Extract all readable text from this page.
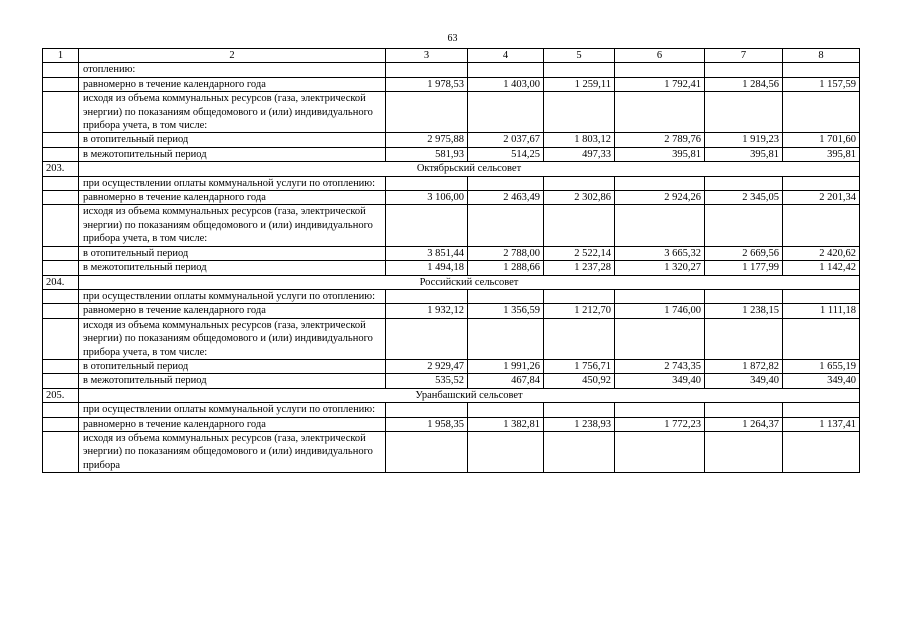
63
1	2	3	4	5	6	7	8
	отоплению:						
	равномерно в течение календарного года	1 978,53	1 403,00	1 259,11	1 792,41	1 284,56	1 157,59
	исходя из объема коммунальных ресурсов (газа, электрической энергии) по показаниям общедомового и (или) индивидуального прибора учета, в том числе:						
	в отопительный период	2 975,88	2 037,67	1 803,12	2 789,76	1 919,23	1 701,60
	в межотопительный период	581,93	514,25	497,33	395,81	395,81	395,81
203.	Октябрьский сельсовет						
	при осуществлении оплаты коммунальной услуги по отоплению:						
	равномерно в течение календарного года	3 106,00	2 463,49	2 302,86	2 924,26	2 345,05	2 201,34
	исходя из объема коммунальных ресурсов (газа, электрической энергии) по показаниям общедомового и (или) индивидуального прибора учета, в том числе:						
	в отопительный период	3 851,44	2 788,00	2 522,14	3 665,32	2 669,56	2 420,62
	в межотопительный период	1 494,18	1 288,66	1 237,28	1 320,27	1 177,99	1 142,42
204.	Российский сельсовет						
	при осуществлении оплаты коммунальной услуги по отоплению:						
	равномерно в течение календарного года	1 932,12	1 356,59	1 212,70	1 746,00	1 238,15	1 111,18
	исходя из объема коммунальных ресурсов (газа, электрической энергии) по показаниям общедомового и (или) индивидуального прибора учета, в том числе:						
	в отопительный период	2 929,47	1 991,26	1 756,71	2 743,35	1 872,82	1 655,19
	в межотопительный период	535,52	467,84	450,92	349,40	349,40	349,40
205.	Уранбашский сельсовет						
	при осуществлении оплаты коммунальной услуги по отоплению:						
	равномерно в течение календарного года	1 958,35	1 382,81	1 238,93	1 772,23	1 264,37	1 137,41
	исходя из объема коммунальных ресурсов (газа, электрической энергии) по показаниям общедомового и (или) индивидуального прибора						
